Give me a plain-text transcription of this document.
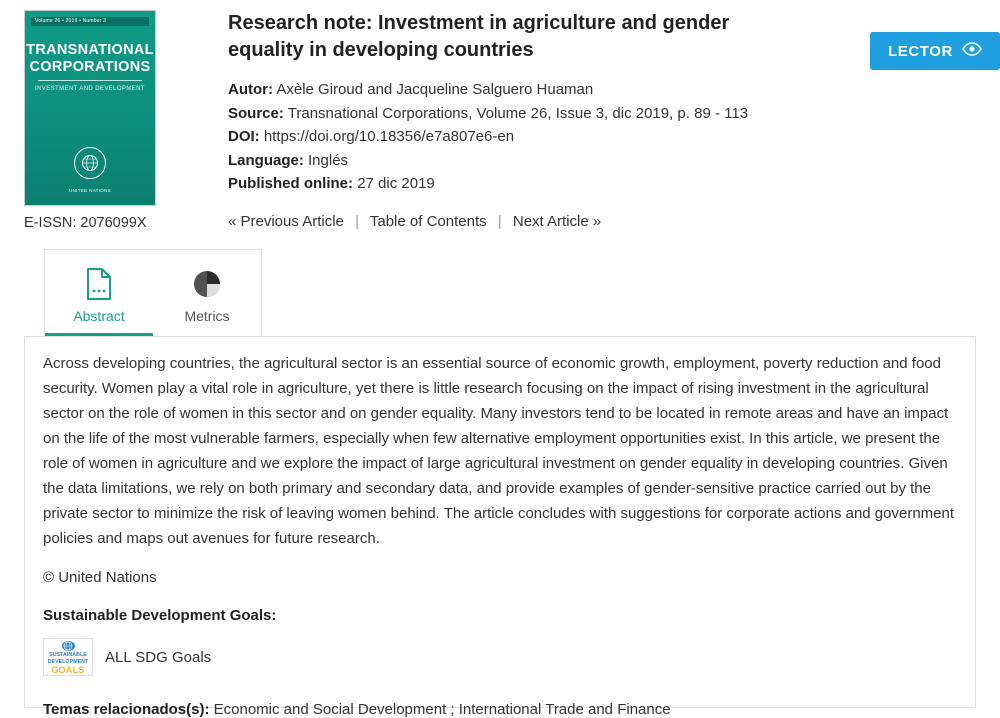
Volume 26 • 2019 • Number 3
TRANSNATIONAL CORPORATIONS
INVESTMENT AND DEVELOPMENT
UNITED NATIONS
E-ISSN: 2076099X
Research note: Investment in agriculture and gender equality in developing countries
Autor: Axèle Giroud and Jacqueline Salguero Huaman
Source: Transnational Corporations, Volume 26, Issue 3, dic 2019, p. 89 - 113
DOI: https://doi.org/10.18356/e7a807e6-en
Language: Inglés
Published online: 27 dic 2019
« Previous Article | Table of Contents | Next Article »
LECTOR
Abstract	Metrics

Across developing countries, the agricultural sector is an essential source of economic growth, employment, poverty reduction and food security. Women play a vital role in agriculture, yet there is little research focusing on the impact of rising investment in the agricultural sector on the role of women in this sector and on gender equality. Many investors tend to be located in remote areas and have an impact on the life of the most vulnerable farmers, especially when few alternative employment opportunities exist. In this article, we present the role of women in agriculture and we explore the impact of large agricultural investment on gender equality in developing countries. Given the data limitations, we rely on both primary and secondary data, and provide examples of gender-sensitive practice carried out by the private sector to minimize the risk of leaving women behind. The article concludes with suggestions for corporate actions and government policies and maps out avenues for future research.

© United Nations
Sustainable Development Goals:
SUSTAINABLE
DEVELOPMENT
GOALS
ALL SDG Goals
Temas relacionados(s): Economic and Social Development ; International Trade and Finance
